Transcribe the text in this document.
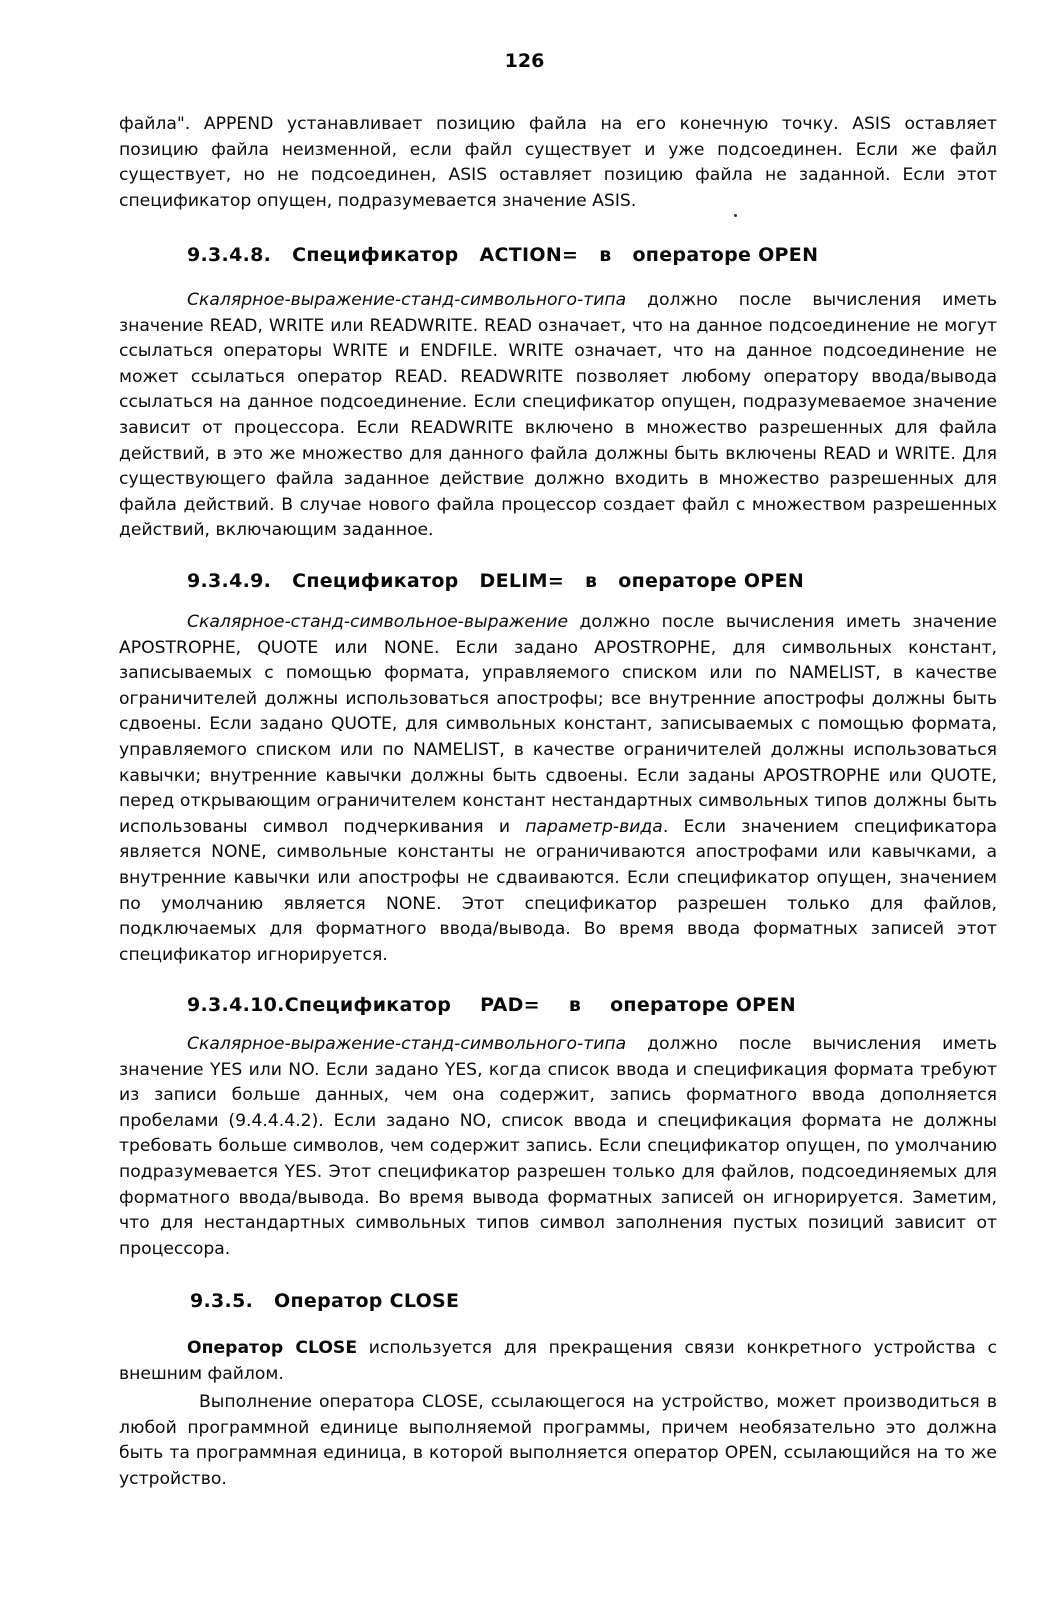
126
файла". APPEND устанавливает позицию файла на его конечную точку. ASIS оставляет позицию файла неизменной, если файл существует и уже подсоединен. Если же файл существует, но не подсоединен, ASIS оставляет позицию файла не заданной. Если этот спецификатор опущен, подразумевается значение ASIS.
9.3.4.8. Спецификатор ACTION= в операторе OPEN
Скалярное-выражение-станд-символьного-типа должно после вычисления иметь значение READ, WRITE или READWRITE. READ означает, что на данное подсоединение не могут ссылаться операторы WRITE и ENDFILE. WRITE означает, что на данное подсоединение не может ссылаться оператор READ. READWRITE позволяет любому оператору ввода/вывода ссылаться на данное подсоединение. Если спецификатор опущен, подразумеваемое значение зависит от процессора. Если READWRITE включено в множество разрешенных для файла действий, в это же множество для данного файла должны быть включены READ и WRITE. Для существующего файла заданное действие должно входить в множество разрешенных для файла действий. В случае нового файла процессор создает файл с множеством разрешенных действий, включающим заданное.
9.3.4.9. Спецификатор DELIM= в операторе OPEN
Скалярное-станд-символьное-выражение должно после вычисления иметь значение APOSTROPHE, QUOTE или NONE. Если задано APOSTROPHE, для символьных констант, записываемых с помощью формата, управляемого списком или по NAMELIST, в качестве ограничителей должны использоваться апострофы; все внутренние апострофы должны быть сдвоены. Если задано QUOTE, для символьных констант, записываемых с помощью формата, управляемого списком или по NAMELIST, в качестве ограничителей должны использоваться кавычки; внутренние кавычки должны быть сдвоены. Если заданы APOSTROPHE или QUOTE, перед открывающим ограничителем констант нестандартных символьных типов должны быть использованы символ подчеркивания и параметр-вида. Если значением спецификатора является NONE, символьные константы не ограничиваются апострофами или кавычками, а внутренние кавычки или апострофы не сдваиваются. Если спецификатор опущен, значением по умолчанию является NONE. Этот спецификатор разрешен только для файлов, подключаемых для форматного ввода/вывода. Во время ввода форматных записей этот спецификатор игнорируется.
9.3.4.10.Спецификатор PAD= в операторе OPEN
Скалярное-выражение-станд-символьного-типа должно после вычисления иметь значение YES или NO. Если задано YES, когда список ввода и спецификация формата требуют из записи больше данных, чем она содержит, запись форматного ввода дополняется пробелами (9.4.4.4.2). Если задано NO, список ввода и спецификация формата не должны требовать больше символов, чем содержит запись. Если спецификатор опущен, по умолчанию подразумевается YES. Этот спецификатор разрешен только для файлов, подсоединяемых для форматного ввода/вывода. Во время вывода форматных записей он игнорируется. Заметим, что для нестандартных символьных типов символ заполнения пустых позиций зависит от процессора.
9.3.5. Оператор CLOSE
Оператор CLOSE используется для прекращения связи конкретного устройства с внешним файлом.
Выполнение оператора CLOSE, ссылающегося на устройство, может производиться в любой программной единице выполняемой программы, причем необязательно это должна быть та программная единица, в которой выполняется оператор OPEN, ссылающийся на то же устройство.
